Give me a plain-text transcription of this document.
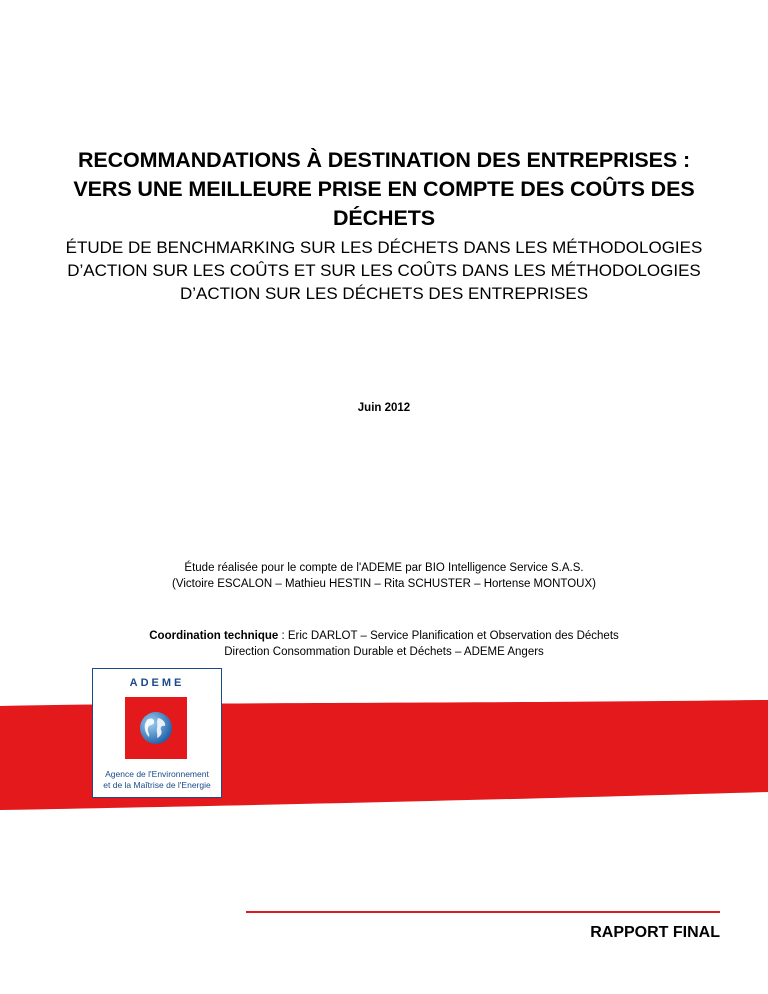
RECOMMANDATIONS À DESTINATION DES ENTREPRISES :
VERS UNE MEILLEURE PRISE EN COMPTE DES COÛTS DES
DÉCHETS
ÉTUDE DE BENCHMARKING SUR LES DÉCHETS DANS LES MÉTHODOLOGIES
D’ACTION SUR LES COÛTS ET SUR LES COÛTS DANS LES MÉTHODOLOGIES
D’ACTION SUR LES DÉCHETS DES ENTREPRISES
Juin 2012
Étude réalisée pour le compte de l'ADEME par BIO Intelligence Service S.A.S.
(Victoire ESCALON – Mathieu HESTIN – Rita SCHUSTER – Hortense MONTOUX)
Coordination technique : Eric DARLOT – Service Planification et Observation des Déchets
Direction Consommation Durable et Déchets – ADEME Angers
ADEME
Agence de l'Environnement
et de la Maîtrise de l'Energie
RAPPORT FINAL
